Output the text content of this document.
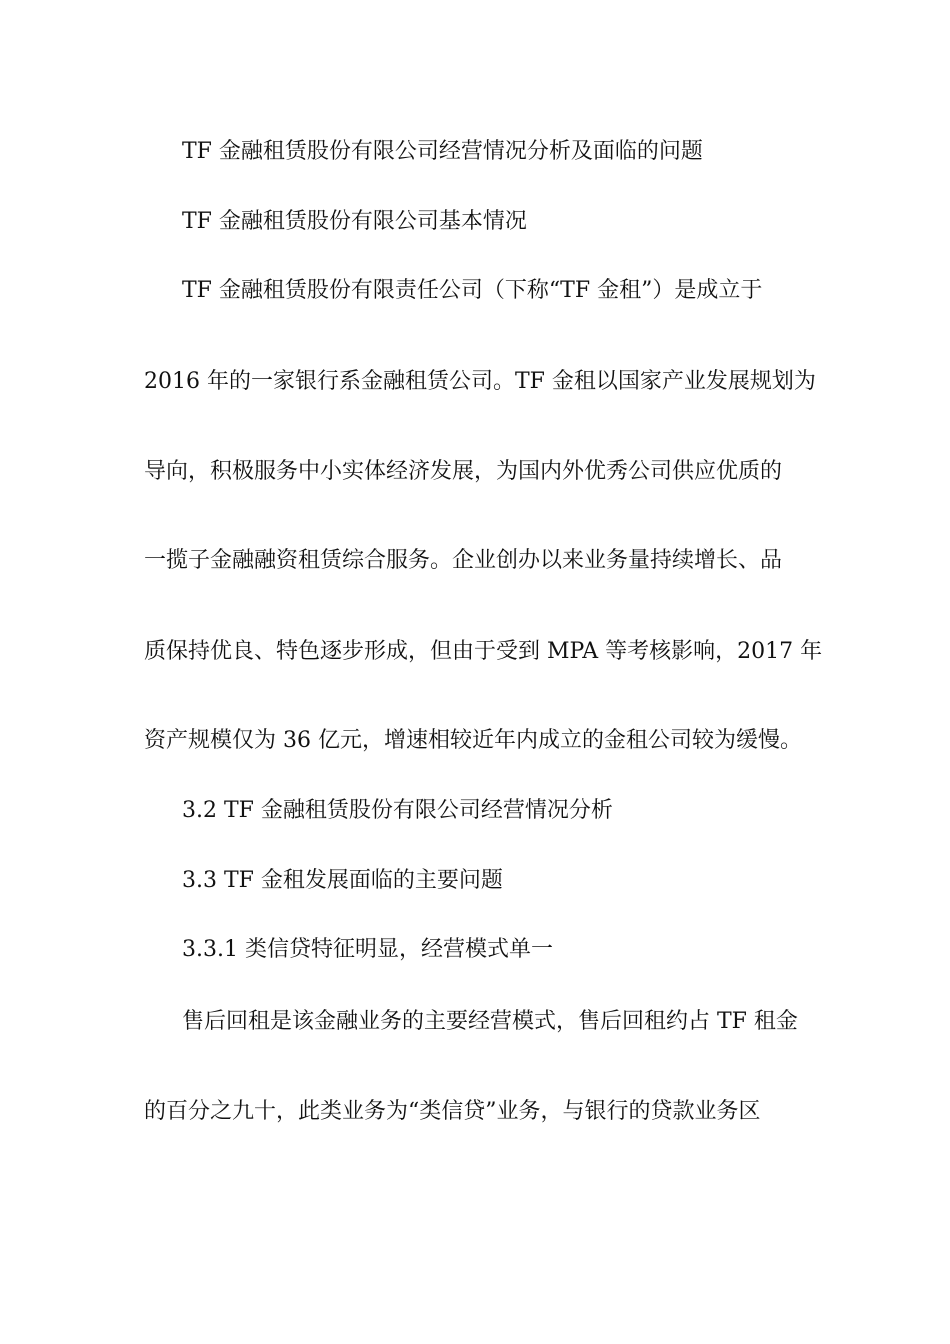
TF 金融租赁股份有限公司经营情况分析及面临的问题
TF 金融租赁股份有限公司基本情况
TF 金融租赁股份有限责任公司（下称“TF 金租”）是成立于
2016 年的一家银行系金融租赁公司。TF 金租以国家产业发展规划为
导向，积极服务中小实体经济发展，为国内外优秀公司供应优质的
一揽子金融融资租赁综合服务。企业创办以来业务量持续增长、品
质保持优良、特色逐步形成，但由于受到 MPA 等考核影响，2017 年
资产规模仅为 36 亿元，增速相较近年内成立的金租公司较为缓慢。
3.2 TF 金融租赁股份有限公司经营情况分析
3.3 TF 金租发展面临的主要问题
3.3.1 类信贷特征明显，经营模式单一
售后回租是该金融业务的主要经营模式，售后回租约占 TF 租金
的百分之九十，此类业务为“类信贷”业务，与银行的贷款业务区
